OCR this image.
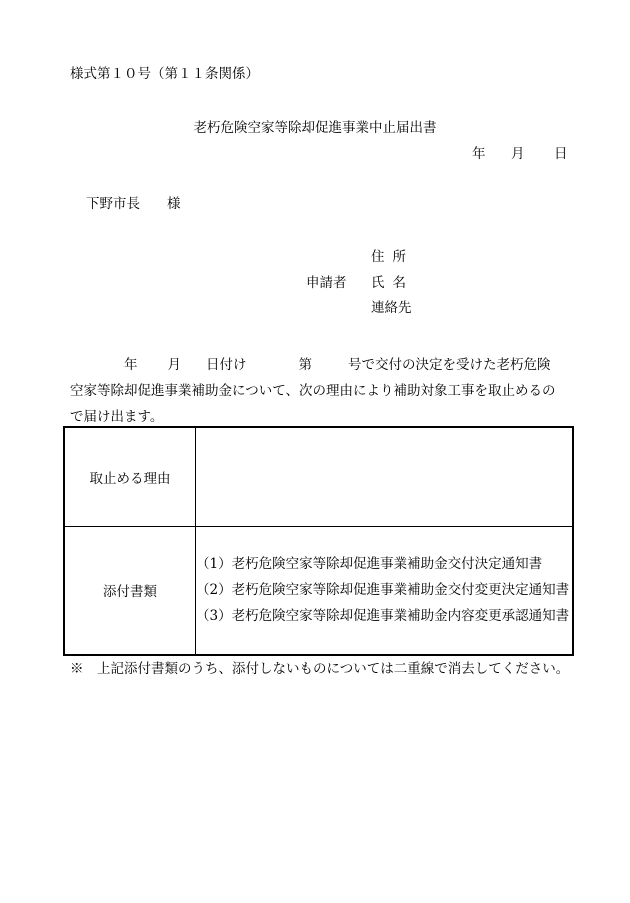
様式第１０号（第１１条関係）
老朽危険空家等除却促進事業中止届出書
年 月 日
下野市長　　様
住所
申請者 氏名
連絡先
年 月 日付け	第	号で交付の決定を受けた老朽危険
空家等除却促進事業補助金について、次の理由により補助対象工事を取止めるの
で届け出ます。
取止める理由	
添付書類	（1）老朽危険空家等除却促進事業補助金交付決定通知書
（2）老朽危険空家等除却促進事業補助金交付変更決定通知書
（3）老朽危険空家等除却促進事業補助金内容変更承認通知書
※　上記添付書類のうち、添付しないものについては二重線で消去してください。
